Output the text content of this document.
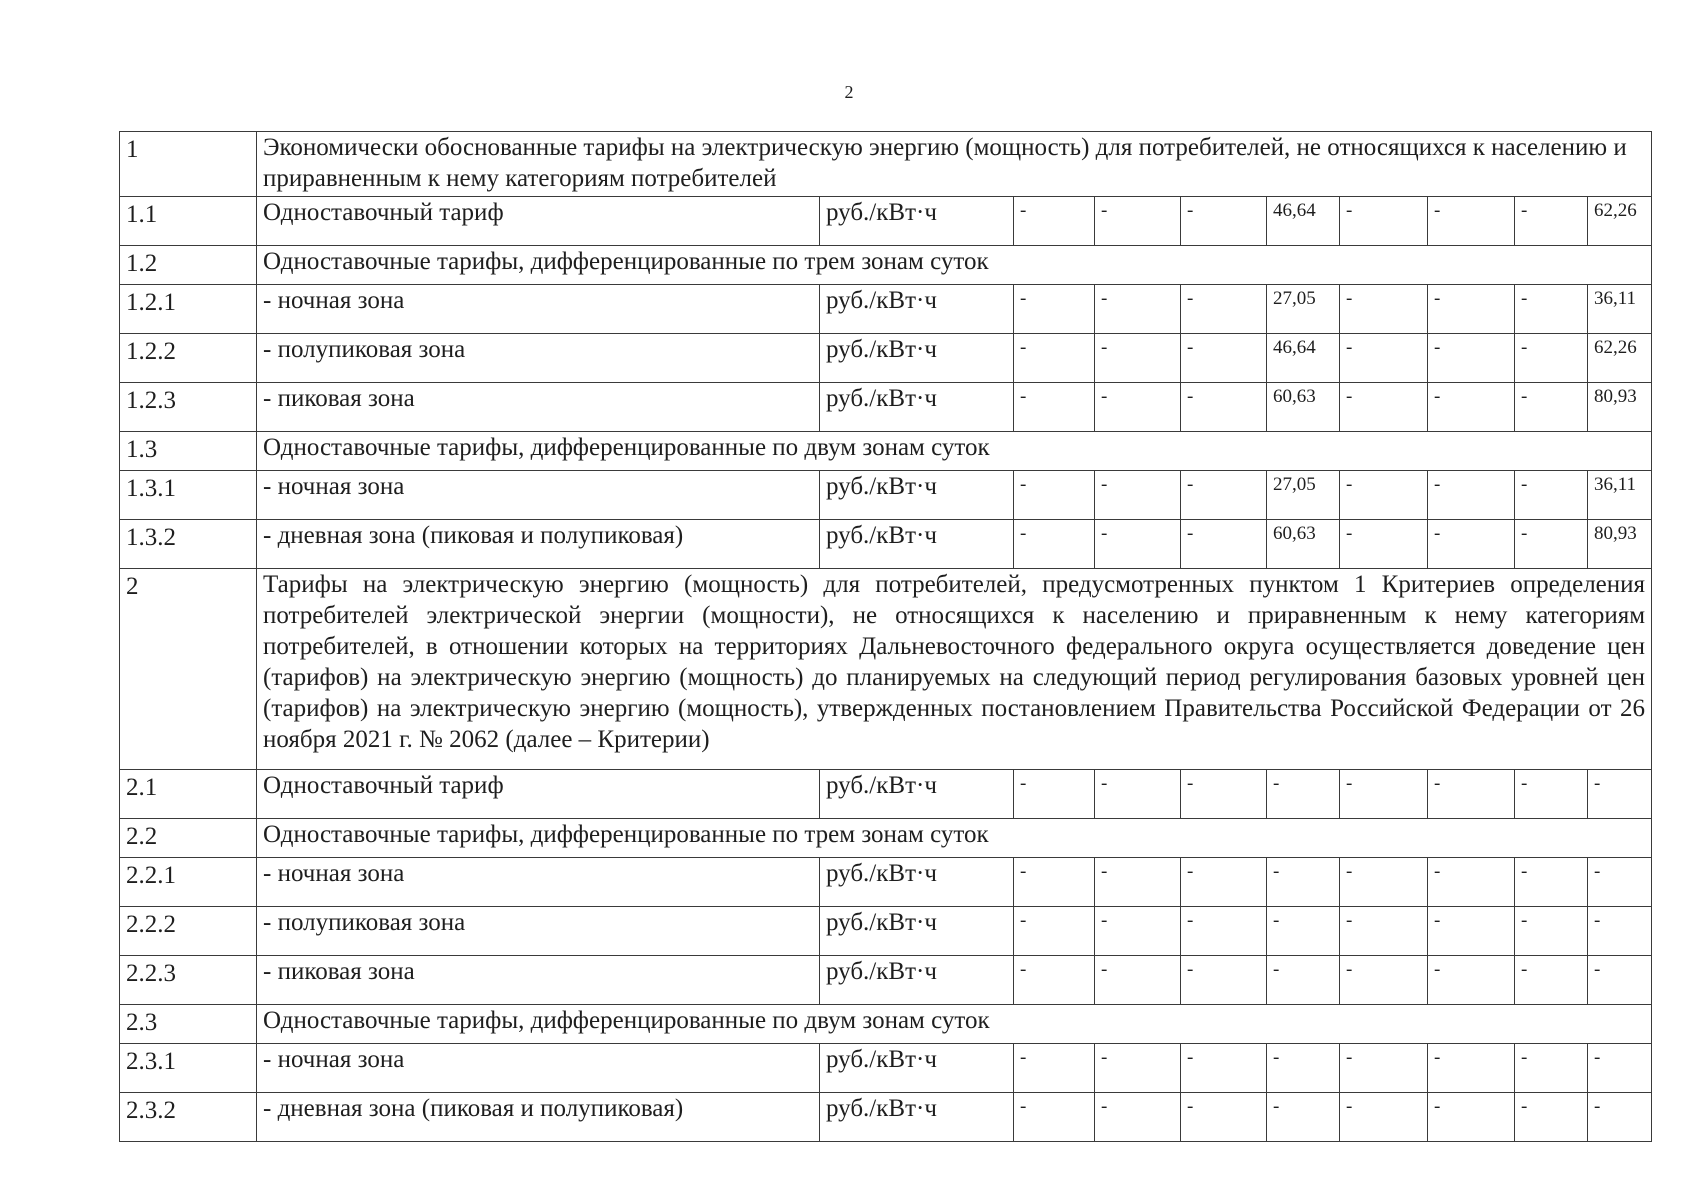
2
1	Экономически обоснованные тарифы на электрическую энергию (мощность) для потребителей, не относящихся к населению и приравненным к нему категориям потребителей									
1.1	Одноставочный тариф	руб./кВт·ч	-	-	-	46,64	-	-	-	62,26
1.2	Одноставочные тарифы, дифференцированные по трем зонам суток									
1.2.1	- ночная зона	руб./кВт·ч	-	-	-	27,05	-	-	-	36,11
1.2.2	- полупиковая зона	руб./кВт·ч	-	-	-	46,64	-	-	-	62,26
1.2.3	- пиковая зона	руб./кВт·ч	-	-	-	60,63	-	-	-	80,93
1.3	Одноставочные тарифы, дифференцированные по двум зонам суток									
1.3.1	- ночная зона	руб./кВт·ч	-	-	-	27,05	-	-	-	36,11
1.3.2	- дневная зона (пиковая и полупиковая)	руб./кВт·ч	-	-	-	60,63	-	-	-	80,93
2	Тарифы на электрическую энергию (мощность) для потребителей, предусмотренных пунктом 1 Критериев определения потребителей электрической энергии (мощности), не относящихся к населению и приравненным к нему категориям потребителей, в отношении которых на территориях Дальневосточного федерального округа осуществляется доведение цен (тарифов) на электрическую энергию (мощность) до планируемых на следующий период регулирования базовых уровней цен (тарифов) на электрическую энергию (мощность), утвержденных постановлением Правительства Российской Федерации от 26 ноября 2021 г. № 2062 (далее – Критерии)									
2.1	Одноставочный тариф	руб./кВт·ч	-	-	-	-	-	-	-	-
2.2	Одноставочные тарифы, дифференцированные по трем зонам суток									
2.2.1	- ночная зона	руб./кВт·ч	-	-	-	-	-	-	-	-
2.2.2	- полупиковая зона	руб./кВт·ч	-	-	-	-	-	-	-	-
2.2.3	- пиковая зона	руб./кВт·ч	-	-	-	-	-	-	-	-
2.3	Одноставочные тарифы, дифференцированные по двум зонам суток									
2.3.1	- ночная зона	руб./кВт·ч	-	-	-	-	-	-	-	-
2.3.2	- дневная зона (пиковая и полупиковая)	руб./кВт·ч	-	-	-	-	-	-	-	-
